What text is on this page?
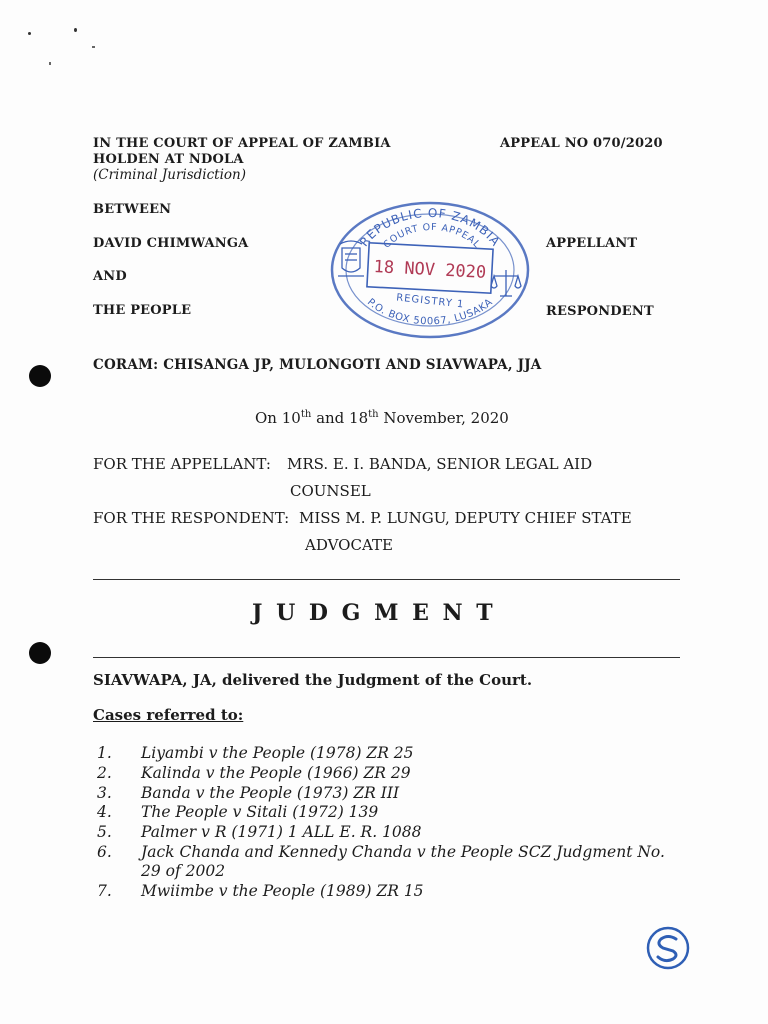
IN THE COURT OF APPEAL OF ZAMBIA
HOLDEN AT NDOLA
(Criminal Jurisdiction)
APPEAL NO 070/2020
BETWEEN
DAVID CHIMWANGA	APPELLANT
AND
THE PEOPLE	RESPONDENT
REPUBLIC OF ZAMBIA
COURT OF APPEAL
18 NOV 2020
REGISTRY 1
P.O. BOX 50067, LUSAKA
CORAM: CHISANGA JP, MULONGOTI AND SIAVWAPA, JJA
On 10th and 18th November, 2020
FOR THE APPELLANT: MRS. E. I. BANDA, SENIOR LEGAL AID
COUNSEL
FOR THE RESPONDENT: MISS M. P. LUNGU, DEPUTY CHIEF STATE
ADVOCATE
J U D G M E N T
SIAVWAPA, JA, delivered the Judgment of the Court.
Cases referred to:
1.	Liyambi v the People (1978) ZR 25
2.	Kalinda v the People (1966) ZR 29
3.	Banda v the People (1973) ZR III
4.	The People v Sitali (1972) 139
5.	Palmer v R (1971) 1 ALL E. R. 1088
6.	Jack Chanda and Kennedy Chanda v the People SCZ Judgment No. 29 of 2002
7.	Mwiimbe v the People (1989) ZR 15
